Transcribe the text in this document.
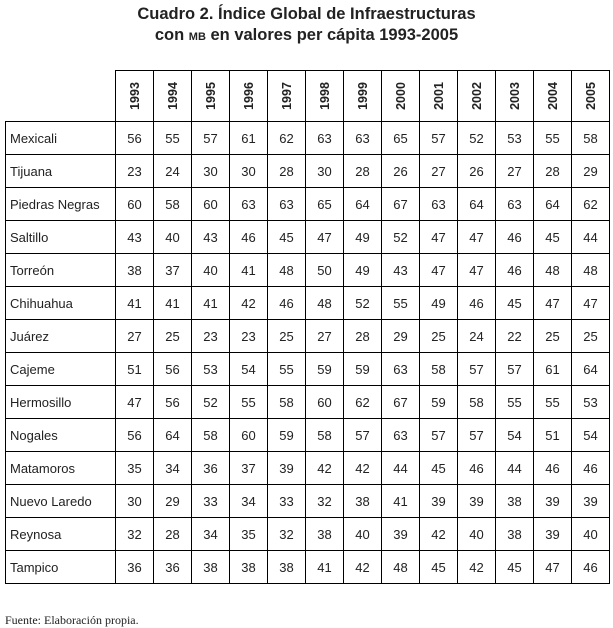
Cuadro 2. Índice Global de Infraestructuras
con MB en valores per cápita 1993-2005
	1993	1994	1995	1996	1997	1998	1999	2000	2001	2002	2003	2004	2005
Mexicali	56	55	57	61	62	63	63	65	57	52	53	55	58
Tijuana	23	24	30	30	28	30	28	26	27	26	27	28	29
Piedras Negras	60	58	60	63	63	65	64	67	63	64	63	64	62
Saltillo	43	40	43	46	45	47	49	52	47	47	46	45	44
Torreón	38	37	40	41	48	50	49	43	47	47	46	48	48
Chihuahua	41	41	41	42	46	48	52	55	49	46	45	47	47
Juárez	27	25	23	23	25	27	28	29	25	24	22	25	25
Cajeme	51	56	53	54	55	59	59	63	58	57	57	61	64
Hermosillo	47	56	52	55	58	60	62	67	59	58	55	55	53
Nogales	56	64	58	60	59	58	57	63	57	57	54	51	54
Matamoros	35	34	36	37	39	42	42	44	45	46	44	46	46
Nuevo Laredo	30	29	33	34	33	32	38	41	39	39	38	39	39
Reynosa	32	28	34	35	32	38	40	39	42	40	38	39	40
Tampico	36	36	38	38	38	41	42	48	45	42	45	47	46
Fuente: Elaboración propia.
